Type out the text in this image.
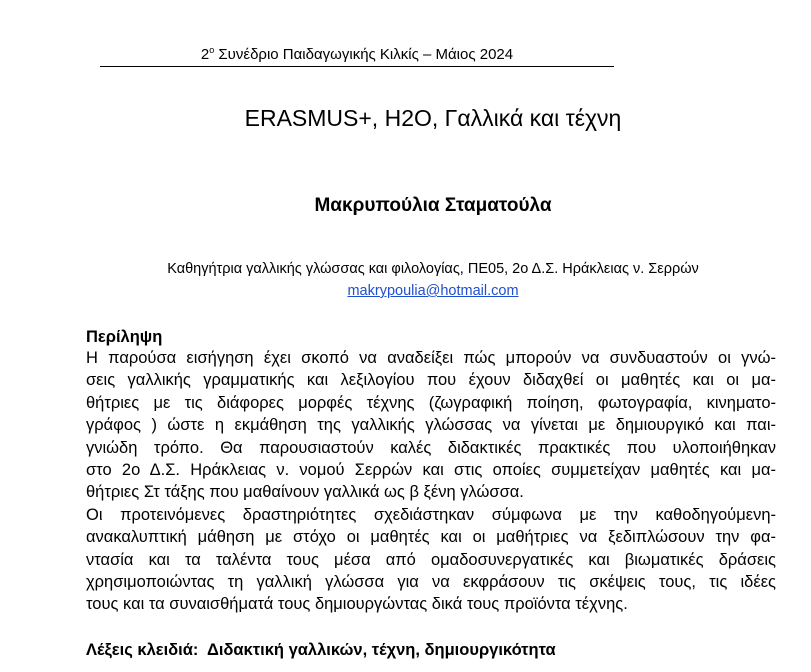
$2^o$ Συνέδριο Παιδαγωγικής Κιλκίς – Μάιος 2024
ERASMUS+, H2O, Γαλλικά και τέχνη
Μακρυπούλια Σταματούλα
Καθηγήτρια γαλλικής γλώσσας και φιλολογίας, ΠΕ05, 2ο Δ.Σ. Ηράκλειας ν. Σερρών
makrypoulia@hotmail.com
Περίληψη
Η παρούσα εισήγηση έχει σκοπό να αναδείξει πώς μπορούν να συνδυαστούν οι γνώ-
σεις γαλλικής γραμματικής και λεξιλογίου που έχουν διδαχθεί οι μαθητές και οι μα-
θήτριες με τις διάφορες μορφές τέχνης (ζωγραφική ποίηση, φωτογραφία, κινηματο-
γράφος ) ώστε η εκμάθηση της γαλλικής γλώσσας να γίνεται με δημιουργικό και παι-
γνιώδη τρόπο. Θα παρουσιαστούν καλές διδακτικές πρακτικές που υλοποιήθηκαν
στο 2ο Δ.Σ. Ηράκλειας ν. νομού Σερρών και στις οποίες συμμετείχαν μαθητές και μα-
θήτριες Στ τάξης που μαθαίνουν γαλλικά ως β ξένη γλώσσα.
Οι προτεινόμενες δραστηριότητες σχεδιάστηκαν σύμφωνα με την καθοδηγούμενη-
ανακαλυπτική μάθηση με στόχο οι μαθητές και οι μαθήτριες να ξεδιπλώσουν την φα-
ντασία και τα ταλέντα τους μέσα από ομαδοσυνεργατικές και βιωματικές δράσεις
χρησιμοποιώντας τη γαλλική γλώσσα για να εκφράσουν τις σκέψεις τους, τις ιδέες
τους και τα συναισθήματά τους δημιουργώντας δικά τους προϊόντα τέχνης.
Λέξεις κλειδιά: Διδακτική γαλλικών, τέχνη, δημιουργικότητα
